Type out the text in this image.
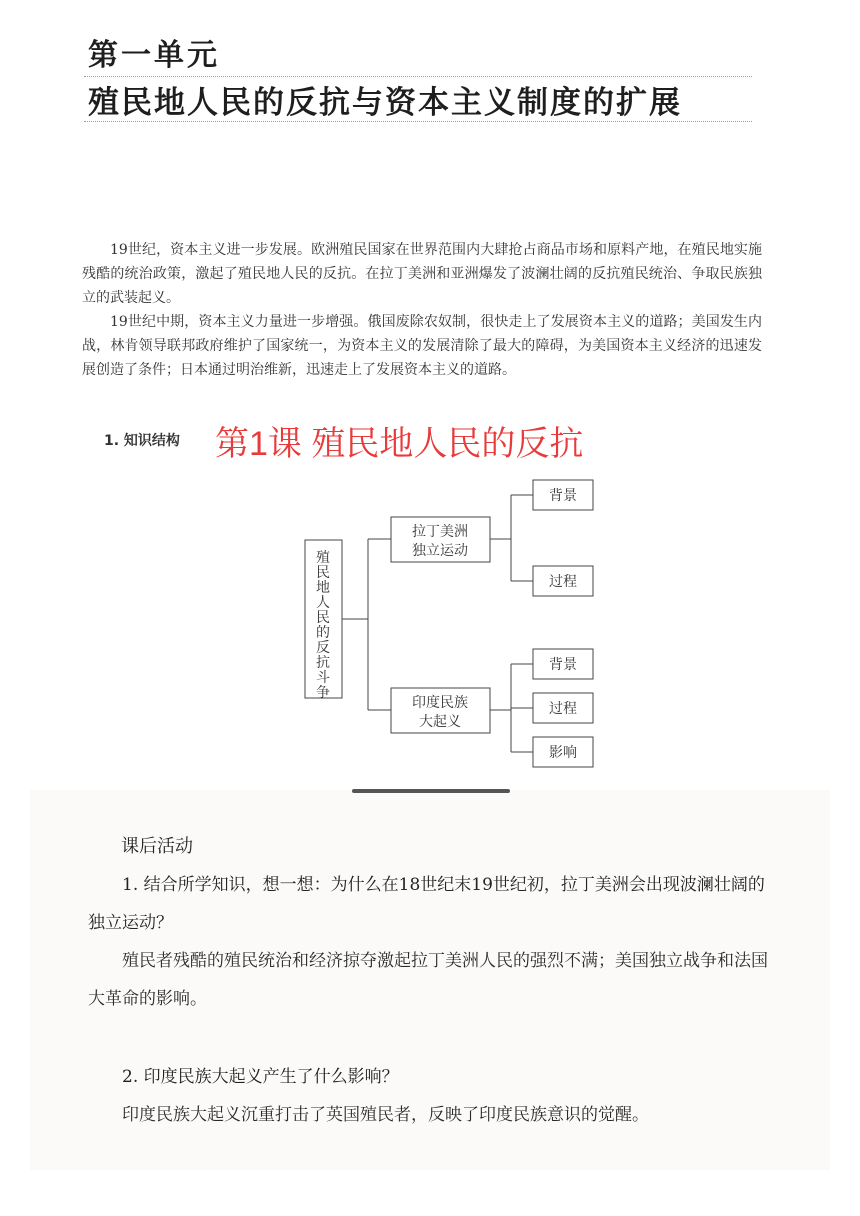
第一单元
殖民地人民的反抗与资本主义制度的扩展

19世纪，资本主义进一步发展。欧洲殖民国家在世界范围内大肆抢占商品市场和原料产地，在殖民地实施残酷的统治政策，激起了殖民地人民的反抗。在拉丁美洲和亚洲爆发了波澜壮阔的反抗殖民统治、争取民族独立的武装起义。

19世纪中期，资本主义力量进一步增强。俄国废除农奴制，很快走上了发展资本主义的道路；美国发生内战，林肯领导联邦政府维护了国家统一，为资本主义的发展清除了最大的障碍，为美国资本主义经济的迅速发展创造了条件；日本通过明治维新，迅速走上了发展资本主义的道路。

1. 知识结构 第1课 殖民地人民的反抗
殖
民
地
人
民
的
反
抗
斗
争
拉丁美洲
独立运动
印度民族
大起义
背景
过程
背景
过程
影响
课后活动
1. 结合所学知识，想一想：为什么在18世纪末19世纪初，拉丁美洲会出现波澜壮阔的独立运动？
殖民者残酷的殖民统治和经济掠夺激起拉丁美洲人民的强烈不满；美国独立战争和法国大革命的影响。
2. 印度民族大起义产生了什么影响？
印度民族大起义沉重打击了英国殖民者，反映了印度民族意识的觉醒。
